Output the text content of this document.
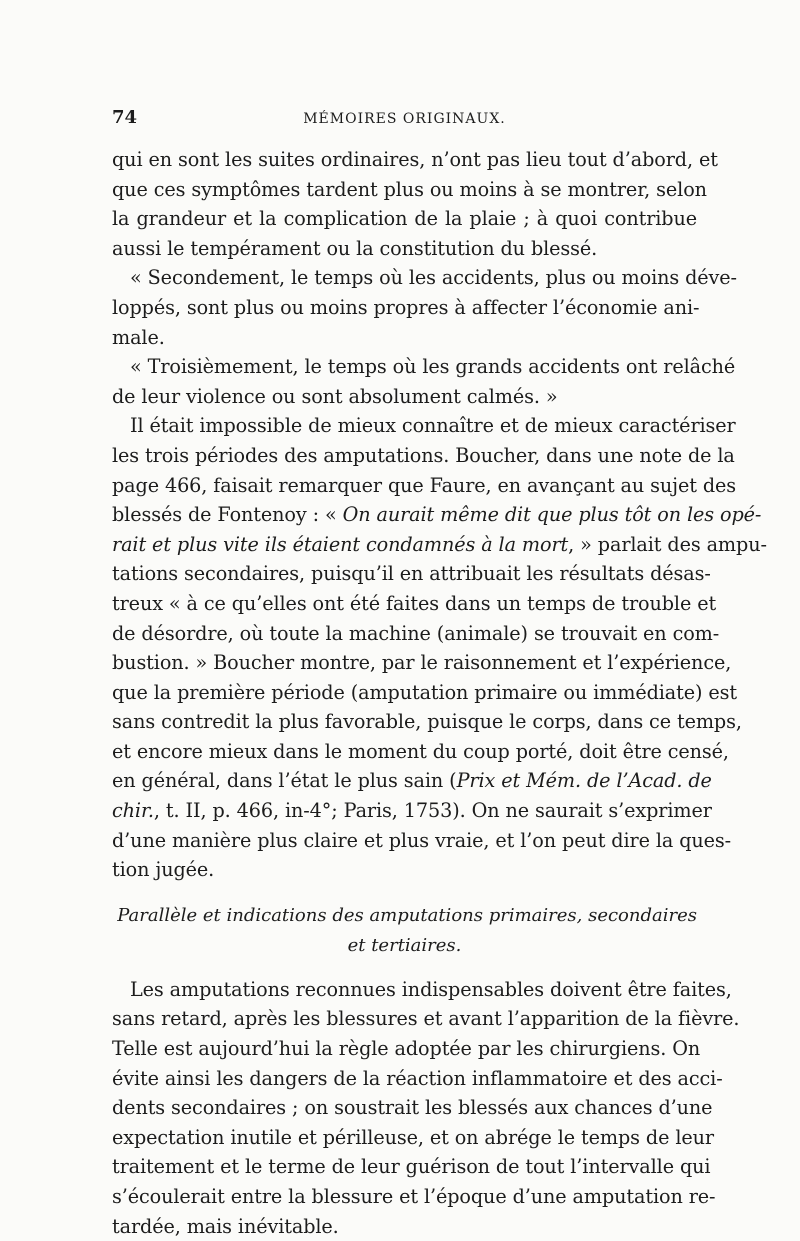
74	MÉMOIRES ORIGINAUX.
qui en sont les suites ordinaires, n’ont pas lieu tout d’abord, et
que ces symptômes tardent plus ou moins à se montrer, selon
la grandeur et la complication de la plaie ; à quoi contribue
aussi le tempérament ou la constitution du blessé.
« Secondement, le temps où les accidents, plus ou moins déve-
loppés, sont plus ou moins propres à affecter l’économie ani-
male.
« Troisièmement, le temps où les grands accidents ont relâché
de leur violence ou sont absolument calmés. »
Il était impossible de mieux connaître et de mieux caractériser
les trois périodes des amputations. Boucher, dans une note de la
page 466, faisait remarquer que Faure, en avançant au sujet des
blessés de Fontenoy : « On aurait même dit que plus tôt on les opé-
rait et plus vite ils étaient condamnés à la mort, » parlait des ampu-
tations secondaires, puisqu’il en attribuait les résultats désas-
treux « à ce qu’elles ont été faites dans un temps de trouble et
de désordre, où toute la machine (animale) se trouvait en com-
bustion. » Boucher montre, par le raisonnement et l’expérience,
que la première période (amputation primaire ou immédiate) est
sans contredit la plus favorable, puisque le corps, dans ce temps,
et encore mieux dans le moment du coup porté, doit être censé,
en général, dans l’état le plus sain (Prix et Mém. de l’Acad. de
chir., t. II, p. 466, in-4°; Paris, 1753). On ne saurait s’exprimer
d’une manière plus claire et plus vraie, et l’on peut dire la ques-
tion jugée.
Parallèle et indications des amputations primaires, secondaires
et tertiaires.
Les amputations reconnues indispensables doivent être faites,
sans retard, après les blessures et avant l’apparition de la fièvre.
Telle est aujourd’hui la règle adoptée par les chirurgiens. On
évite ainsi les dangers de la réaction inflammatoire et des acci-
dents secondaires ; on soustrait les blessés aux chances d’une
expectation inutile et périlleuse, et on abrége le temps de leur
traitement et le terme de leur guérison de tout l’intervalle qui
s’écoulerait entre la blessure et l’époque d’une amputation re-
tardée, mais inévitable.
